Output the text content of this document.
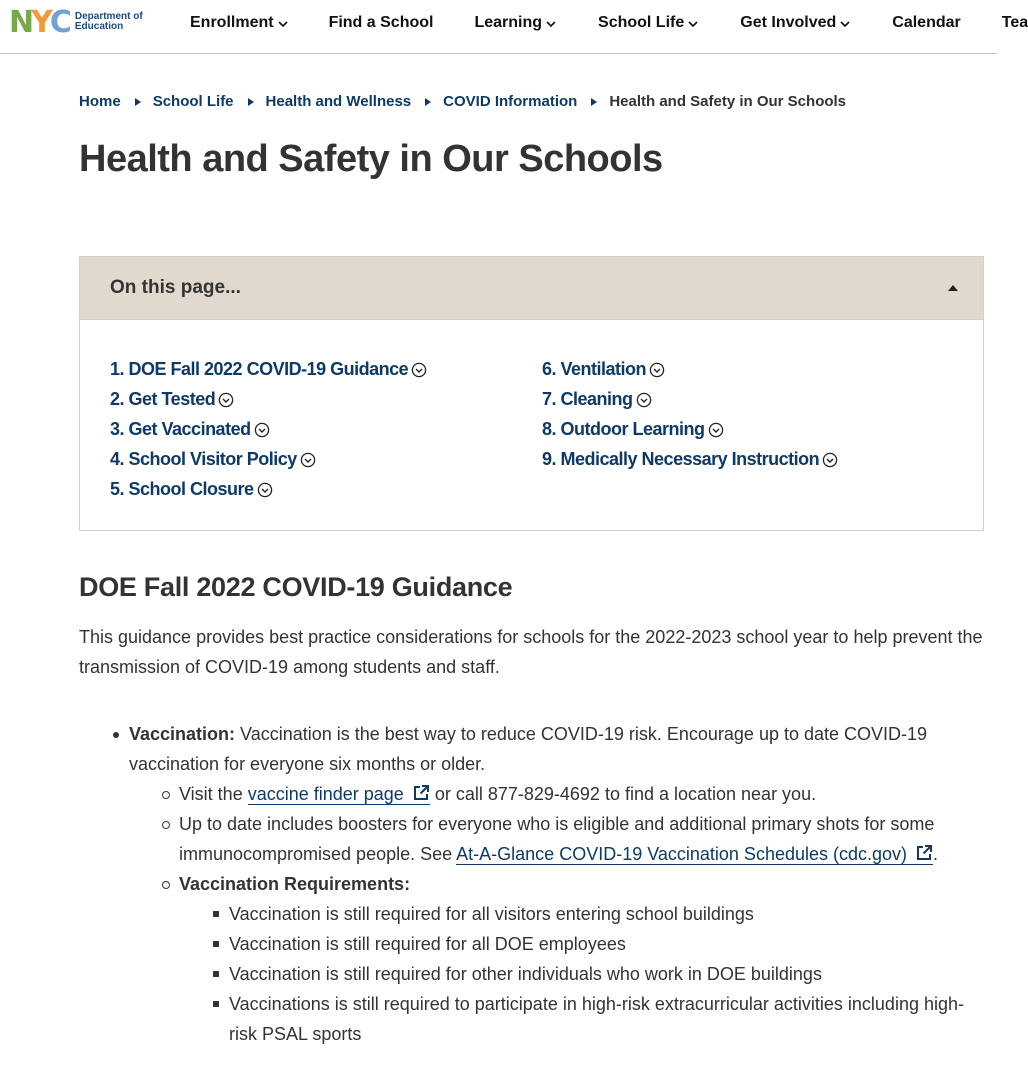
N Y C Department of
Education	Enrollment	Find a School	Learning	School Life	Get Involved	Calendar	Tea
Home School Life Health and Wellness COVID Information Health and Safety in Our Schools
Health and Safety in Our Schools
On this page...
1. DOE Fall 2022 COVID-19 Guidance
2. Get Tested
3. Get Vaccinated
4. School Visitor Policy
5. School Closure
6. Ventilation
7. Cleaning
8. Outdoor Learning
9. Medically Necessary Instruction
DOE Fall 2022 COVID-19 Guidance

This guidance provides best practice considerations for schools for the 2022-2023 school year to help prevent the transmission of COVID-19 among students and staff.

Vaccination: Vaccination is the best way to reduce COVID-19 risk. Encourage up to date COVID-19 vaccination for everyone six months or older.
Visit the vaccine finder page or call 877-829-4692 to find a location near you.
Up to date includes boosters for everyone who is eligible and additional primary shots for some immunocompromised people. See At-A-Glance COVID-19 Vaccination Schedules (cdc.gov) .
Vaccination Requirements:
Vaccination is still required for all visitors entering school buildings
Vaccination is still required for all DOE employees
Vaccination is still required for other individuals who work in DOE buildings
Vaccinations is still required to participate in high-risk extracurricular activities including high-risk PSAL sports
